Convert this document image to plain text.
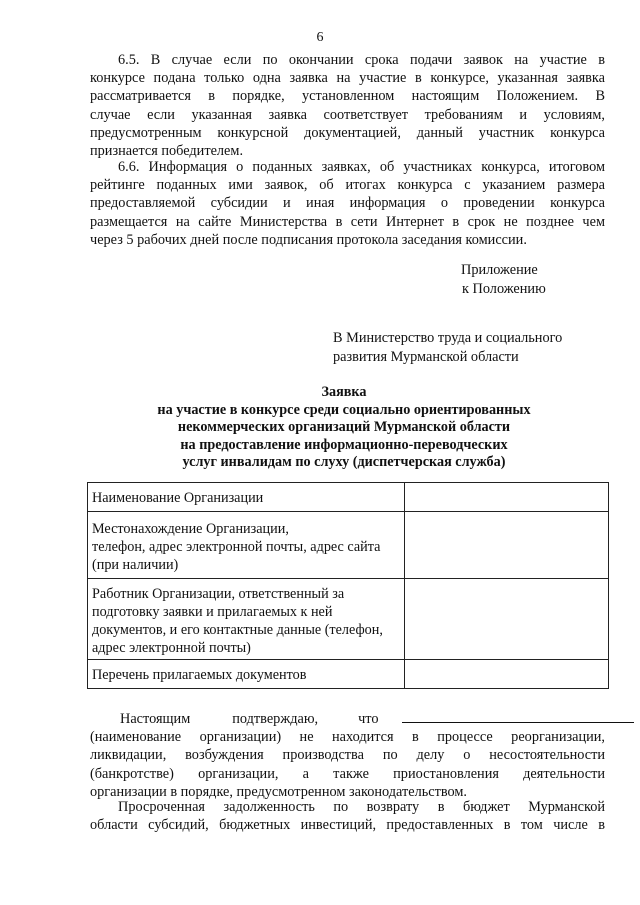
6
6.5. В случае если по окончании срока подачи заявок на участие в
конкурсе подана только одна заявка на участие в конкурсе, указанная заявка
рассматривается в порядке, установленном настоящим Положением. В
случае если указанная заявка соответствует требованиям и условиям,
предусмотренным конкурсной документацией, данный участник конкурса
признается победителем.
6.6. Информация о поданных заявках, об участниках конкурса, итоговом
рейтинге поданных ими заявок, об итогах конкурса с указанием размера
предоставляемой субсидии и иная информация о проведении конкурса
размещается на сайте Министерства в сети Интернет в срок не позднее чем
через 5 рабочих дней после подписания протокола заседания комиссии.
Приложение
к Положению
В Министерство труда и социального
развития Мурманской области
Заявка
на участие в конкурсе среди социально ориентированных
некоммерческих организаций Мурманской области
на предоставление информационно-переводческих
услуг инвалидам по слуху (диспетчерская служба)
Наименование Организации	

Местонахождение Организации,
телефон, адрес электронной почты, адрес сайта
(при наличии)	

Работник Организации, ответственный за
подготовку заявки и прилагаемых к ней
документов, и его контактные данные (телефон,
адрес электронной почты)	

Перечень прилагаемых документов	

Настоящим	подтверждаю,	что
(наименование организации) не находится в процессе реорганизации,
ликвидации, возбуждения производства по делу о несостоятельности
(банкротстве) организации, а также приостановления деятельности
организации в порядке, предусмотренном законодательством.
Просроченная задолженность по возврату в бюджет Мурманской
области субсидий, бюджетных инвестиций, предоставленных в том числе в
